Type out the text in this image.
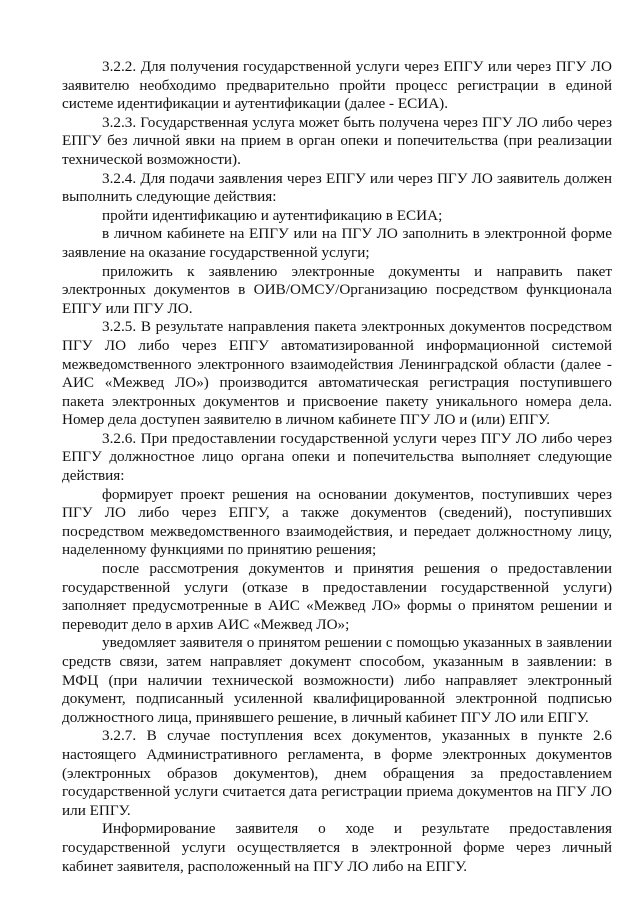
3.2.2. Для получения государственной услуги через ЕПГУ или через ПГУ ЛО заявителю необходимо предварительно пройти процесс регистрации в единой системе идентификации и аутентификации (далее - ЕСИА).

3.2.3. Государственная услуга может быть получена через ПГУ ЛО либо через ЕПГУ без личной явки на прием в орган опеки и попечительства (при реализации технической возможности).

3.2.4. Для подачи заявления через ЕПГУ или через ПГУ ЛО заявитель должен выполнить следующие действия:

пройти идентификацию и аутентификацию в ЕСИА;

в личном кабинете на ЕПГУ или на ПГУ ЛО заполнить в электронной форме заявление на оказание государственной услуги;

приложить к заявлению электронные документы и направить пакет электронных документов в ОИВ/ОМСУ/Организацию посредством функционала ЕПГУ или ПГУ ЛО.

3.2.5. В результате направления пакета электронных документов посредством ПГУ ЛО либо через ЕПГУ автоматизированной информационной системой межведомственного электронного взаимодействия Ленинградской области (далее - АИС «Межвед ЛО») производится автоматическая регистрация поступившего пакета электронных документов и присвоение пакету уникального номера дела. Номер дела доступен заявителю в личном кабинете ПГУ ЛО и (или) ЕПГУ.

3.2.6. При предоставлении государственной услуги через ПГУ ЛО либо через ЕПГУ должностное лицо органа опеки и попечительства выполняет следующие действия:

формирует проект решения на основании документов, поступивших через ПГУ ЛО либо через ЕПГУ, а также документов (сведений), поступивших посредством межведомственного взаимодействия, и передает должностному лицу, наделенному функциями по принятию решения;

после рассмотрения документов и принятия решения о предоставлении государственной услуги (отказе в предоставлении государственной услуги) заполняет предусмотренные в АИС «Межвед ЛО» формы о принятом решении и переводит дело в архив АИС «Межвед ЛО»;

уведомляет заявителя о принятом решении с помощью указанных в заявлении средств связи, затем направляет документ способом, указанным в заявлении: в МФЦ (при наличии технической возможности) либо направляет электронный документ, подписанный усиленной квалифицированной электронной подписью должностного лица, принявшего решение, в личный кабинет ПГУ ЛО или ЕПГУ.

3.2.7. В случае поступления всех документов, указанных в пункте 2.6 настоящего Административного регламента, в форме электронных документов (электронных образов документов), днем обращения за предоставлением государственной услуги считается дата регистрации приема документов на ПГУ ЛО или ЕПГУ.

Информирование заявителя о ходе и результате предоставления государственной услуги осуществляется в электронной форме через личный кабинет заявителя, расположенный на ПГУ ЛО либо на ЕПГУ.
